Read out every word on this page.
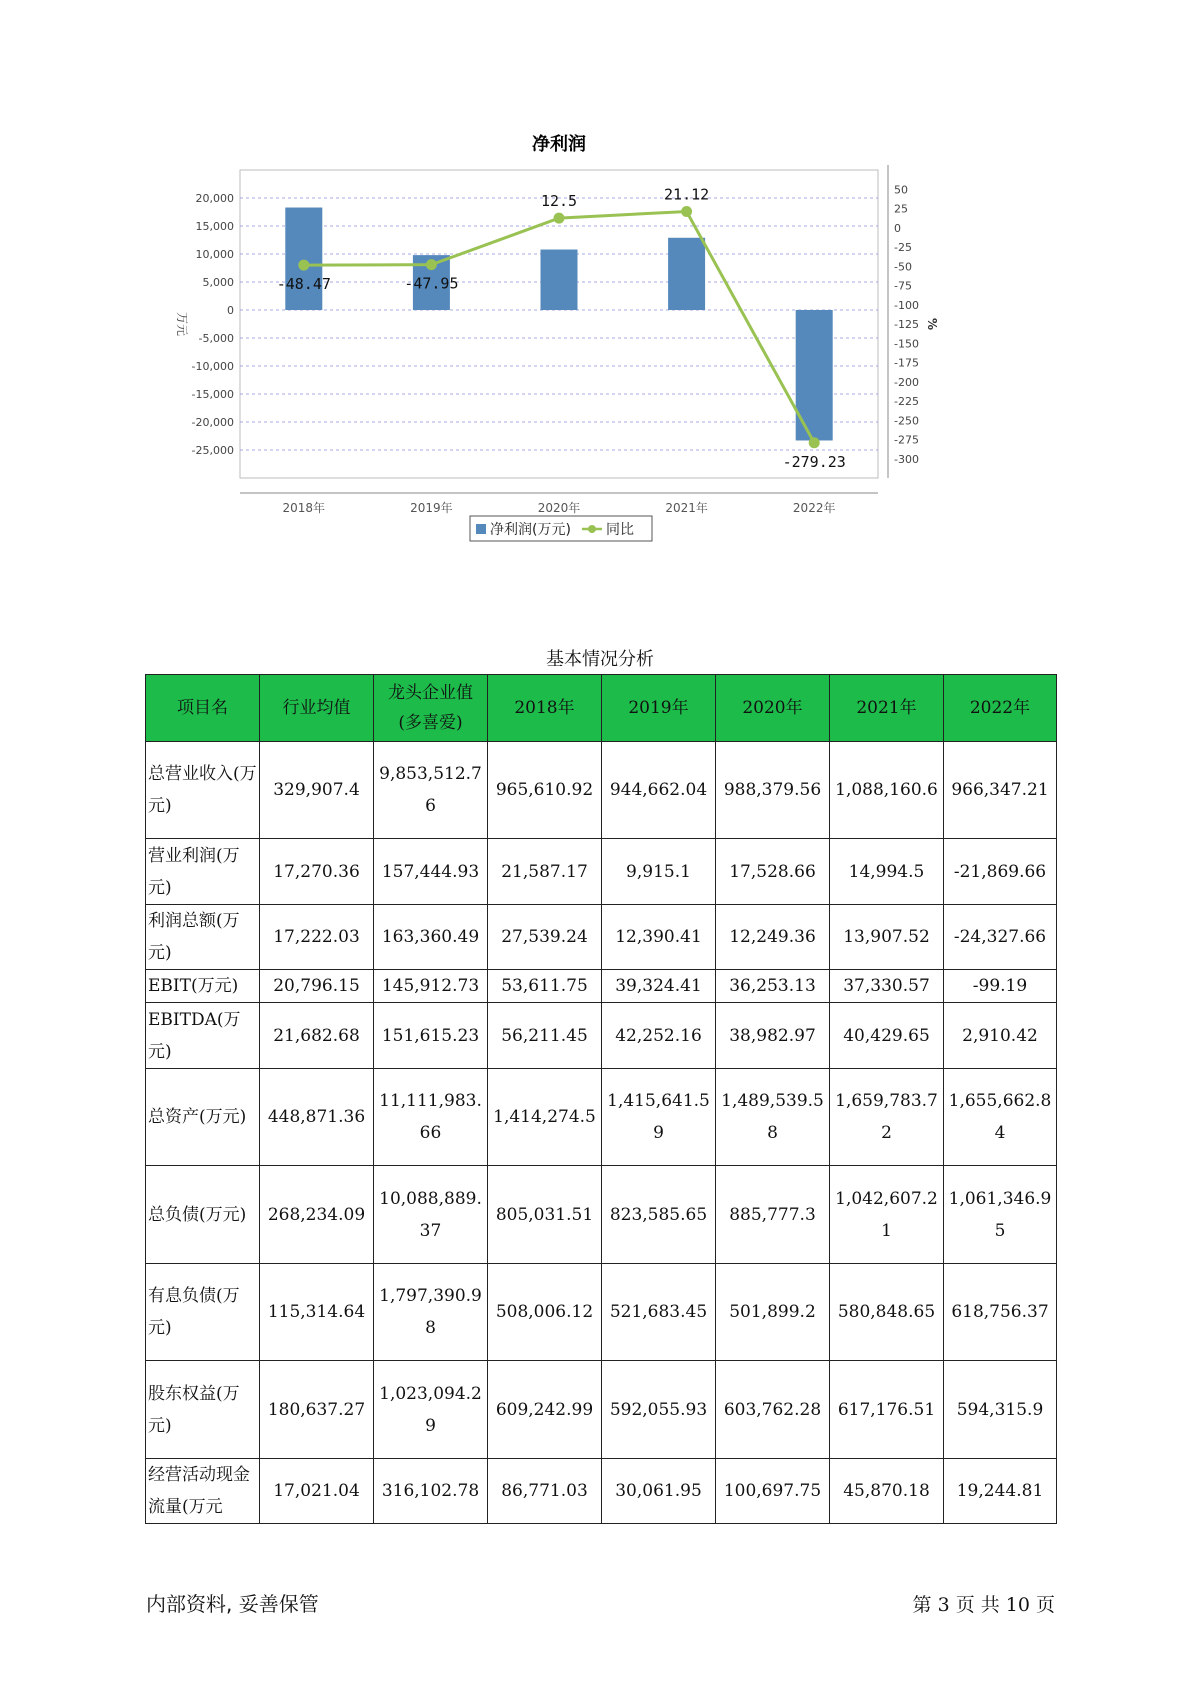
净利润
20,000
15,000
10,000
5,000
0
-5,000
-10,000
-15,000
-20,000
-25,000
50
25
0
-25
-50
-75
-100
-125
-150
-175
-200
-225
-250
-275
-300
万元	%
2018年	2019年	2020年	2021年	2022年
-48.47	-47.95
12.5	21.12
-279.23
净利润(万元)	同比
基本情况分析
项目名	行业均值	龙头企业值(多喜爱)	2018年	2019年	2020年	2021年	2022年
总营业收入(万元)	329,907.4	9,853,512.76	965,610.92	944,662.04	988,379.56	1,088,160.6	966,347.21
营业利润(万元)	17,270.36	157,444.93	21,587.17	9,915.1	17,528.66	14,994.5	-21,869.66
利润总额(万元)	17,222.03	163,360.49	27,539.24	12,390.41	12,249.36	13,907.52	-24,327.66
EBIT(万元)	20,796.15	145,912.73	53,611.75	39,324.41	36,253.13	37,330.57	-99.19
EBITDA(万元)	21,682.68	151,615.23	56,211.45	42,252.16	38,982.97	40,429.65	2,910.42
总资产(万元)	448,871.36	11,111,983.66	1,414,274.5	1,415,641.59	1,489,539.58	1,659,783.72	1,655,662.84
总负债(万元)	268,234.09	10,088,889.37	805,031.51	823,585.65	885,777.3	1,042,607.21	1,061,346.95
有息负债(万元)	115,314.64	1,797,390.98	508,006.12	521,683.45	501,899.2	580,848.65	618,756.37
股东权益(万元)	180,637.27	1,023,094.29	609,242.99	592,055.93	603,762.28	617,176.51	594,315.9
经营活动现金流量(万元	17,021.04	316,102.78	86,771.03	30,061.95	100,697.75	45,870.18	19,244.81
内部资料, 妥善保管	第 3 页 共 10 页
